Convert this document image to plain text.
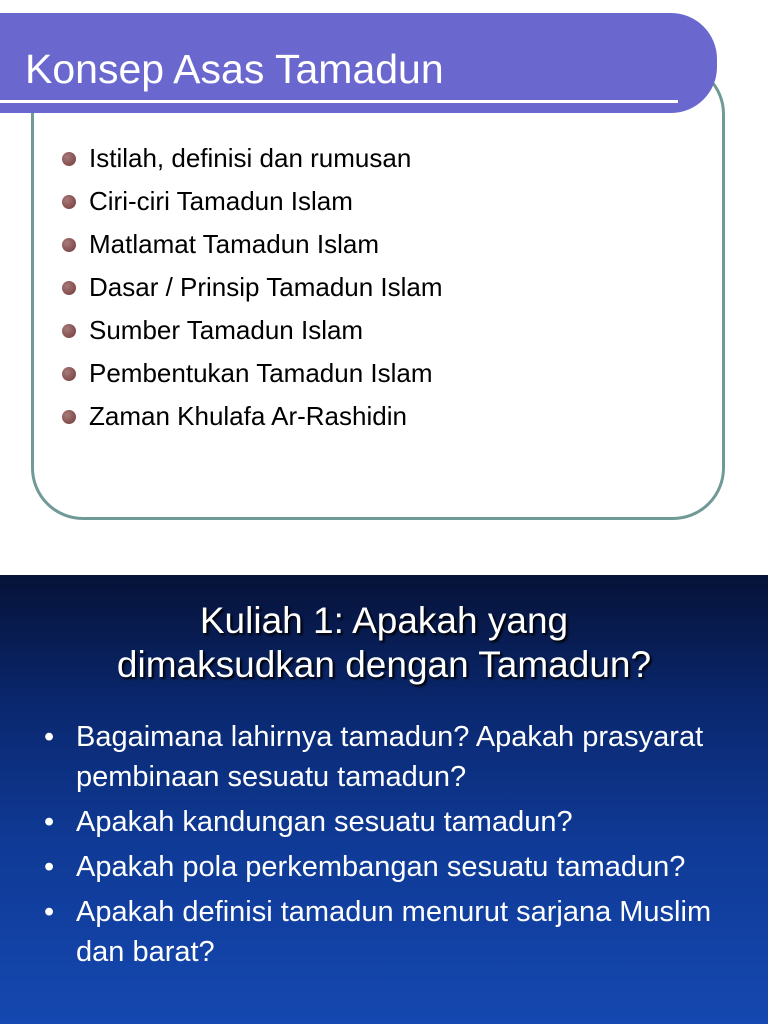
Konsep Asas Tamadun
Istilah, definisi dan rumusan
Ciri-ciri Tamadun Islam
Matlamat Tamadun Islam
Dasar / Prinsip Tamadun Islam
Sumber Tamadun Islam
Pembentukan Tamadun Islam
Zaman Khulafa Ar-Rashidin
Kuliah 1: Apakah yang
dimaksudkan dengan Tamadun?
• Bagaimana lahirnya tamadun? Apakah prasyarat pembinaan sesuatu tamadun?
• Apakah kandungan sesuatu tamadun?
• Apakah pola perkembangan sesuatu tamadun?
• Apakah definisi tamadun menurut sarjana Muslim dan barat?
